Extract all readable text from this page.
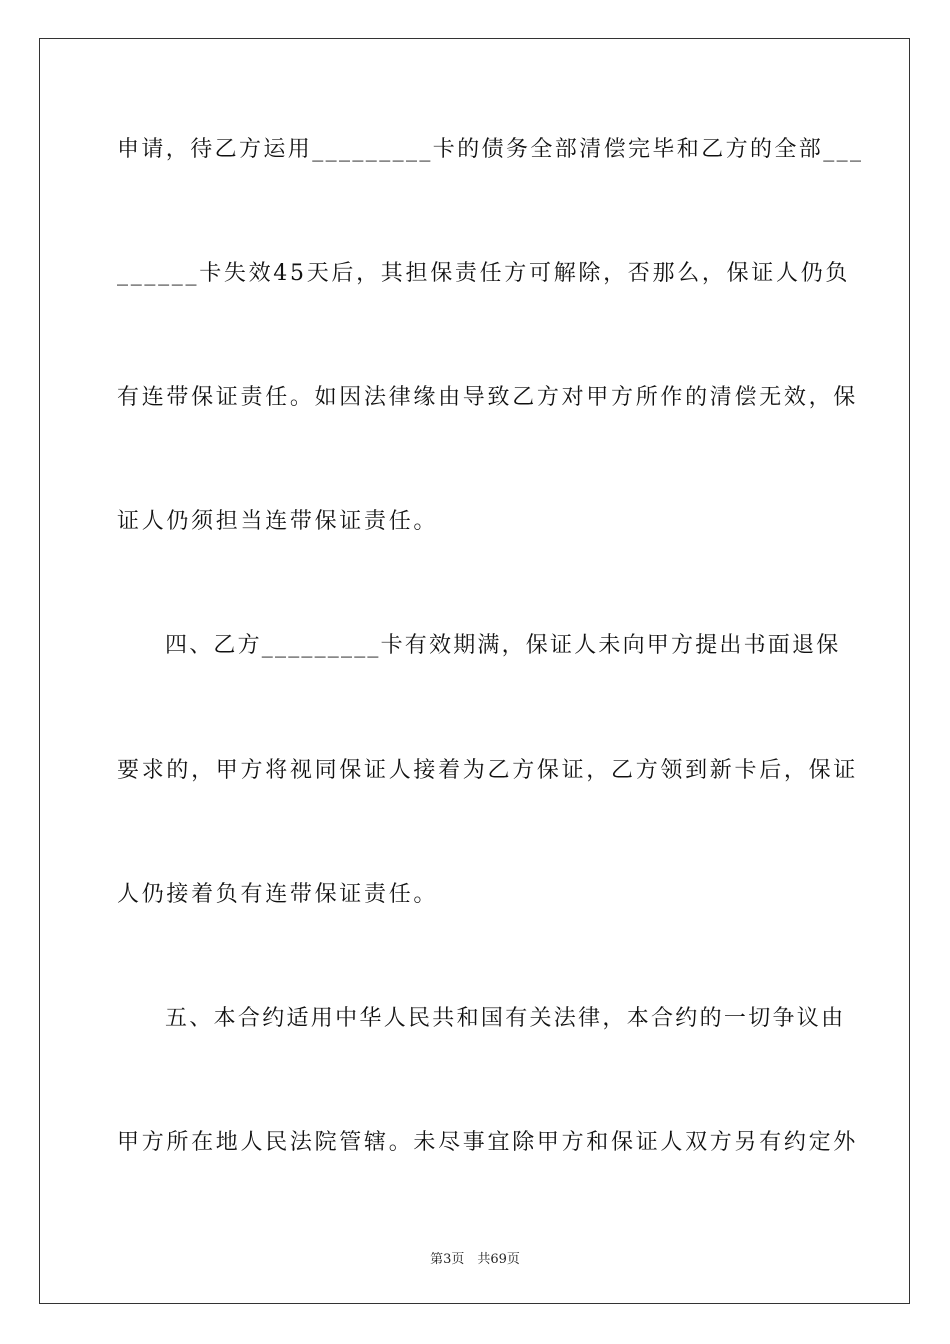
申请，待乙方运用_________卡的债务全部清偿完毕和乙方的全部___
______卡失效45天后，其担保责任方可解除，否那么，保证人仍负
有连带保证责任。如因法律缘由导致乙方对甲方所作的清偿无效，保
证人仍须担当连带保证责任。
四、乙方_________卡有效期满，保证人未向甲方提出书面退保
要求的，甲方将视同保证人接着为乙方保证，乙方领到新卡后，保证
人仍接着负有连带保证责任。
五、本合约适用中华人民共和国有关法律，本合约的一切争议由
甲方所在地人民法院管辖。未尽事宜除甲方和保证人双方另有约定外
第3页　共69页
